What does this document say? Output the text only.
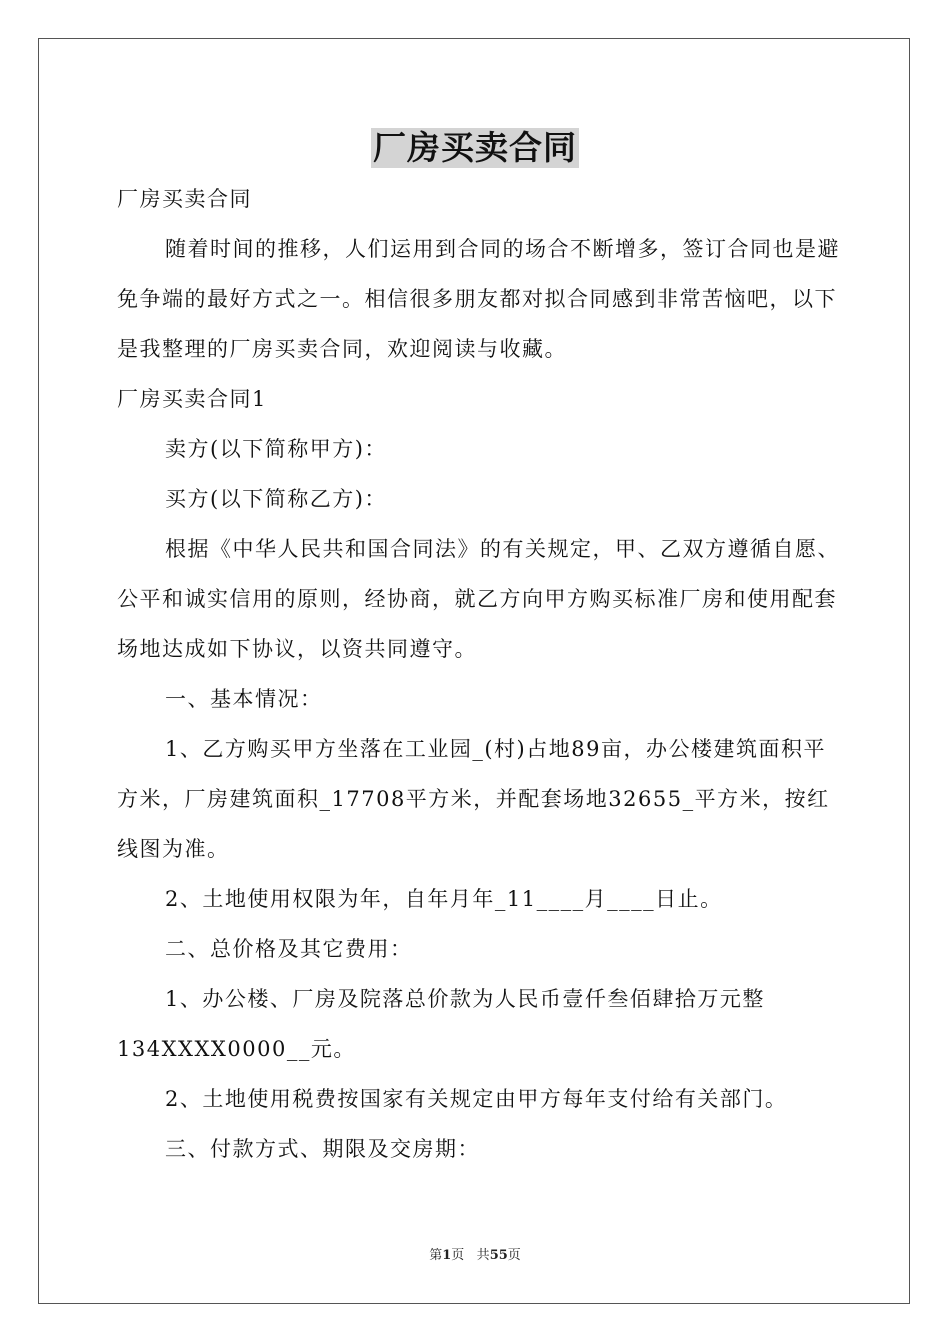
厂房买卖合同

厂房买卖合同

随着时间的推移，人们运用到合同的场合不断增多，签订合同也是避免争端的最好方式之一。相信很多朋友都对拟合同感到非常苦恼吧，以下是我整理的厂房买卖合同，欢迎阅读与收藏。

厂房买卖合同1

卖方(以下简称甲方)：

买方(以下简称乙方)：

根据《中华人民共和国合同法》的有关规定，甲、乙双方遵循自愿、公平和诚实信用的原则，经协商，就乙方向甲方购买标准厂房和使用配套场地达成如下协议，以资共同遵守。

一、基本情况：

1、乙方购买甲方坐落在工业园_(村)占地89亩，办公楼建筑面积平方米，厂房建筑面积_17708平方米，并配套场地32655_平方米，按红线图为准。

2、土地使用权限为年，自年月年_11____月____日止。

二、总价格及其它费用：

1、办公楼、厂房及院落总价款为人民币壹仟叁佰肆拾万元整134XXXX0000__元。

2、土地使用税费按国家有关规定由甲方每年支付给有关部门。

三、付款方式、期限及交房期：

第1页 共55页
